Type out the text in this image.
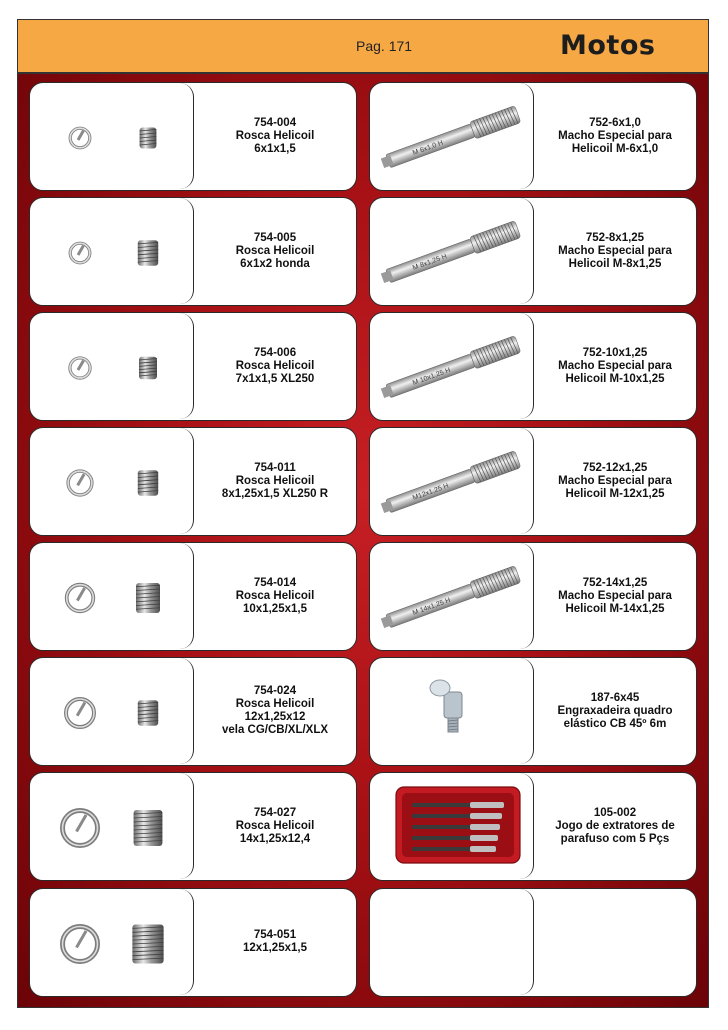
Pag. 171	Motos
754-004
Rosca Helicoil
6x1x1,5
754-005
Rosca Helicoil
6x1x2 honda
754-006
Rosca Helicoil
7x1x1,5 XL250
754-011
Rosca Helicoil
8x1,25x1,5 XL250 R
754-014
Rosca Helicoil
10x1,25x1,5
754-024
Rosca Helicoil
12x1,25x12
vela CG/CB/XL/XLX
754-027
Rosca Helicoil
14x1,25x12,4
754-051
12x1,25x1,5
M 6x1,0 H
752-6x1,0
Macho Especial para
Helicoil M-6x1,0
M 8x1,25 H
752-8x1,25
Macho Especial para
Helicoil M-8x1,25
M 10x1,25 H
752-10x1,25
Macho Especial para
Helicoil M-10x1,25
M12x1,25 H
752-12x1,25
Macho Especial para
Helicoil M-12x1,25
M 14x1,25 H
752-14x1,25
Macho Especial para
Helicoil M-14x1,25
187-6x45
Engraxadeira quadro
elástico CB 45º 6m
105-002
Jogo de extratores de
parafuso com 5 Pçs
